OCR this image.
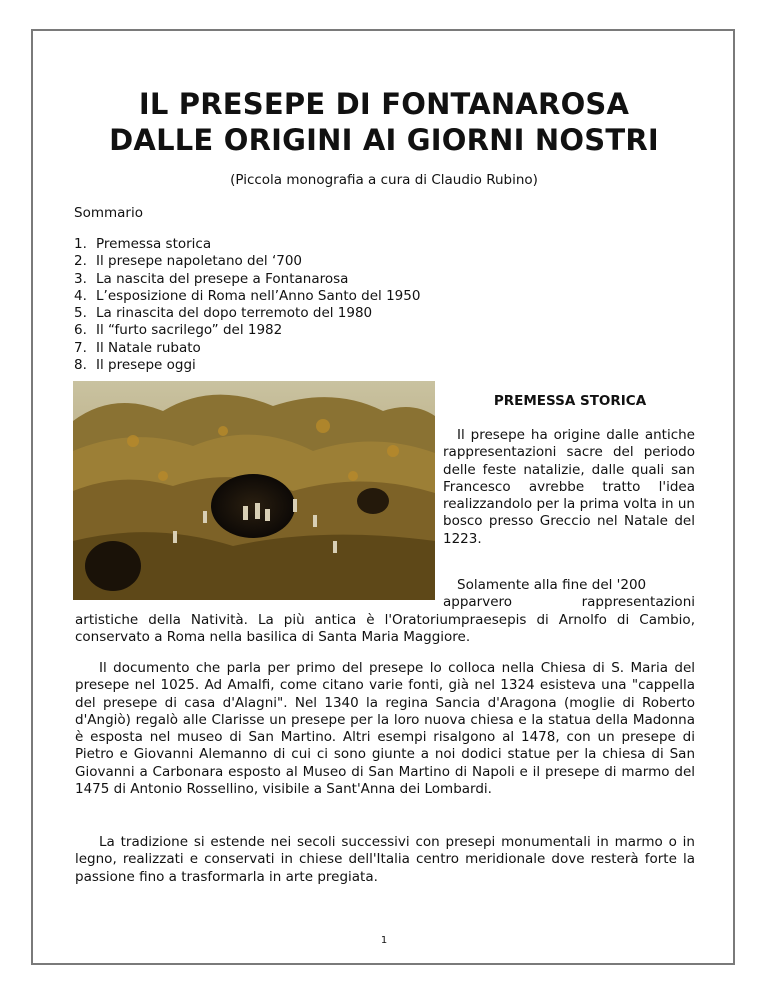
IL PRESEPE DI FONTANAROSA
DALLE ORIGINI AI GIORNI NOSTRI
(Piccola monografia a cura di Claudio Rubino)
Sommario
1. Premessa storica
2. Il presepe napoletano del ‘700
3. La nascita del presepe a Fontanarosa
4. L’esposizione di Roma nell’Anno Santo del 1950
5. La rinascita del dopo terremoto del 1980
6. Il “furto sacrilego” del 1982
7. Il Natale rubato
8. Il presepe oggi
PREMESSA STORICA

Il presepe ha origine dalle antiche rappresentazioni sacre del periodo delle feste natalizie, dalle quali san Francesco avrebbe tratto l'idea realizzandolo per la prima volta in un bosco presso Greccio nel Natale del 1223.

Solamente alla fine del '200
apparvero	rappresentazioni
artistiche della Natività. La più antica è l'Oratoriumpraesepis di Arnolfo di Cambio, conservato a Roma nella basilica di Santa Maria Maggiore.

Il documento che parla per primo del presepe lo colloca nella Chiesa di S. Maria del presepe nel 1025. Ad Amalfi, come citano varie fonti, già nel 1324 esisteva una "cappella del presepe di casa d'Alagni". Nel 1340 la regina Sancia d'Aragona (moglie di Roberto d'Angiò) regalò alle Clarisse un presepe per la loro nuova chiesa e la statua della Madonna è esposta nel museo di San Martino. Altri esempi risalgono al 1478, con un presepe di Pietro e Giovanni Alemanno di cui ci sono giunte a noi dodici statue per la chiesa di San Giovanni a Carbonara esposto al Museo di San Martino di Napoli e il presepe di marmo del 1475 di Antonio Rossellino, visibile a Sant'Anna dei Lombardi.

La tradizione si estende nei secoli successivi con presepi monumentali in marmo o in legno, realizzati e conservati in chiese dell'Italia centro meridionale dove resterà forte la passione fino a trasformarla in arte pregiata.

1
